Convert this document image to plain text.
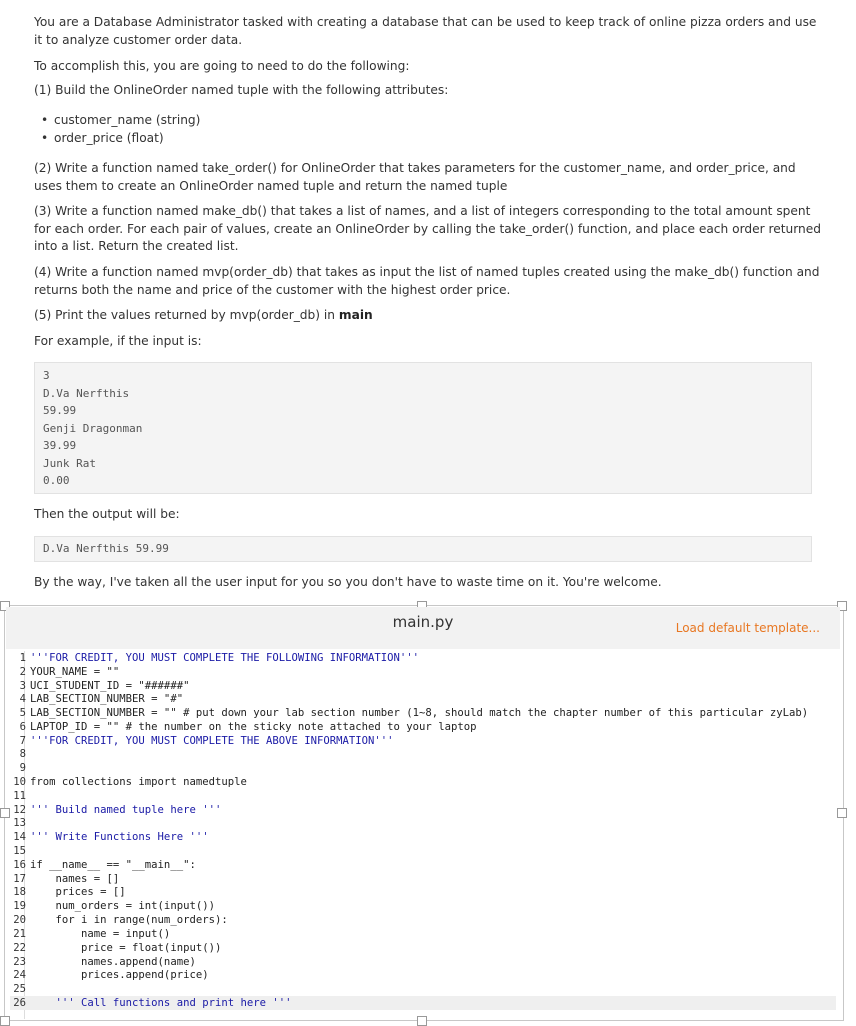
You are a Database Administrator tasked with creating a database that can be used to keep track of online pizza orders and use it to analyze customer order data.

To accomplish this, you are going to need to do the following:

(1) Build the OnlineOrder named tuple with the following attributes:

• customer_name (string)
• order_price (float)

(2) Write a function named take_order() for OnlineOrder that takes parameters for the customer_name, and order_price, and uses them to create an OnlineOrder named tuple and return the named tuple

(3) Write a function named make_db() that takes a list of names, and a list of integers corresponding to the total amount spent for each order. For each pair of values, create an OnlineOrder by calling the take_order() function, and place each order returned into a list. Return the created list.

(4) Write a function named mvp(order_db) that takes as input the list of named tuples created using the make_db() function and returns both the name and price of the customer with the highest order price.

(5) Print the values returned by mvp(order_db) in main

For example, if the input is:

Then the output will be:

By the way, I've taken all the user input for you so you don't have to waste time on it. You're welcome.

3
D.Va Nerfthis
59.99
Genji Dragonman
39.99
Junk Rat
0.00
D.Va Nerfthis 59.99
main.py	Load default template...
1 '''FOR CREDIT, YOU MUST COMPLETE THE FOLLOWING INFORMATION'''
2 YOUR_NAME = ""
3 UCI_STUDENT_ID = "######"
4 LAB_SECTION_NUMBER = "#"
5 LAB_SECTION_NUMBER = "" # put down your lab section number (1~8, should match the chapter number of this particular zyLab)
6 LAPTOP_ID = "" # the number on the sticky note attached to your laptop
7 '''FOR CREDIT, YOU MUST COMPLETE THE ABOVE INFORMATION'''
8
9
10 from collections import namedtuple
11
12 ''' Build named tuple here '''
13
14 ''' Write Functions Here '''
15
16 if __name__ == "__main__":
17 names = []
18 prices = []
19 num_orders = int(input())
20 for i in range(num_orders):
21 name = input()
22 price = float(input())
23 names.append(name)
24 prices.append(price)
25
26 ''' Call functions and print here '''
